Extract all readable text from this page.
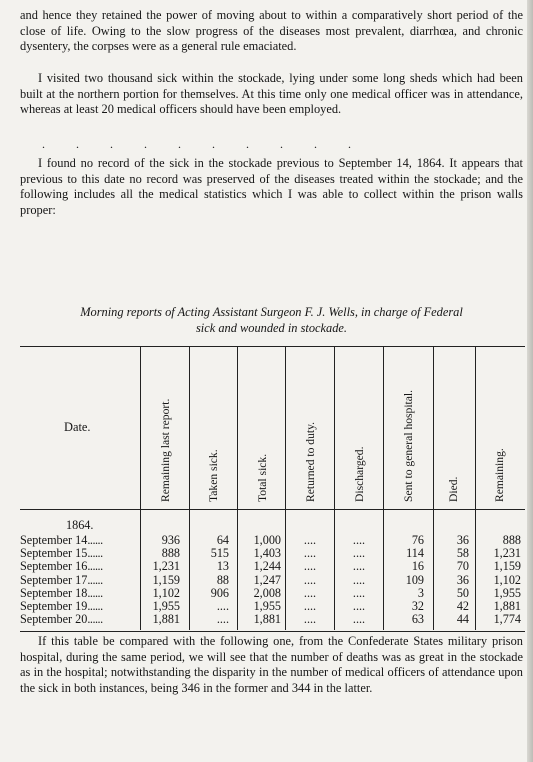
and hence they retained the power of moving about to within a comparatively short period of the close of life. Owing to the slow progress of the diseases most prevalent, diarrhœa, and chronic dysentery, the corpses were as a general rule emaciated.

I visited two thousand sick within the stockade, lying under some long sheds which had been built at the northern portion for themselves. At this time only one medical officer was in attendance, whereas at least 20 medical officers should have been employed.

. . . . . . . . . .

I found no record of the sick in the stockade previous to September 14, 1864. It appears that previous to this date no record was preserved of the diseases treated within the stockade; and the following includes all the medical statistics which I was able to collect within the prison walls proper:

Morning reports of Acting Assistant Surgeon F. J. Wells, in charge of Federal
sick and wounded in stockade.
Date.	Remaining last report.	Taken sick.	Total sick.	Returned to duty.	Discharged.	Sent to general hospital.	Died.	Remaining.
1864.
September 14......	936	64	1,000	....	....	76	36	888
September 15......	888	515	1,403	....	....	114	58	1,231
September 16......	1,231	13	1,244	....	....	16	70	1,159
September 17......	1,159	88	1,247	....	....	109	36	1,102
September 18......	1,102	906	2,008	....	....	3	50	1,955
September 19......	1,955	....	1,955	....	....	32	42	1,881
September 20......	1,881	....	1,881	....	....	63	44	1,774

If this table be compared with the following one, from the Confederate States military prison hospital, during the same period, we will see that the number of deaths was as great in the stockade as in the hospital; notwithstanding the disparity in the number of medical officers of attendance upon the sick in both instances, being 346 in the former and 344 in the latter.
